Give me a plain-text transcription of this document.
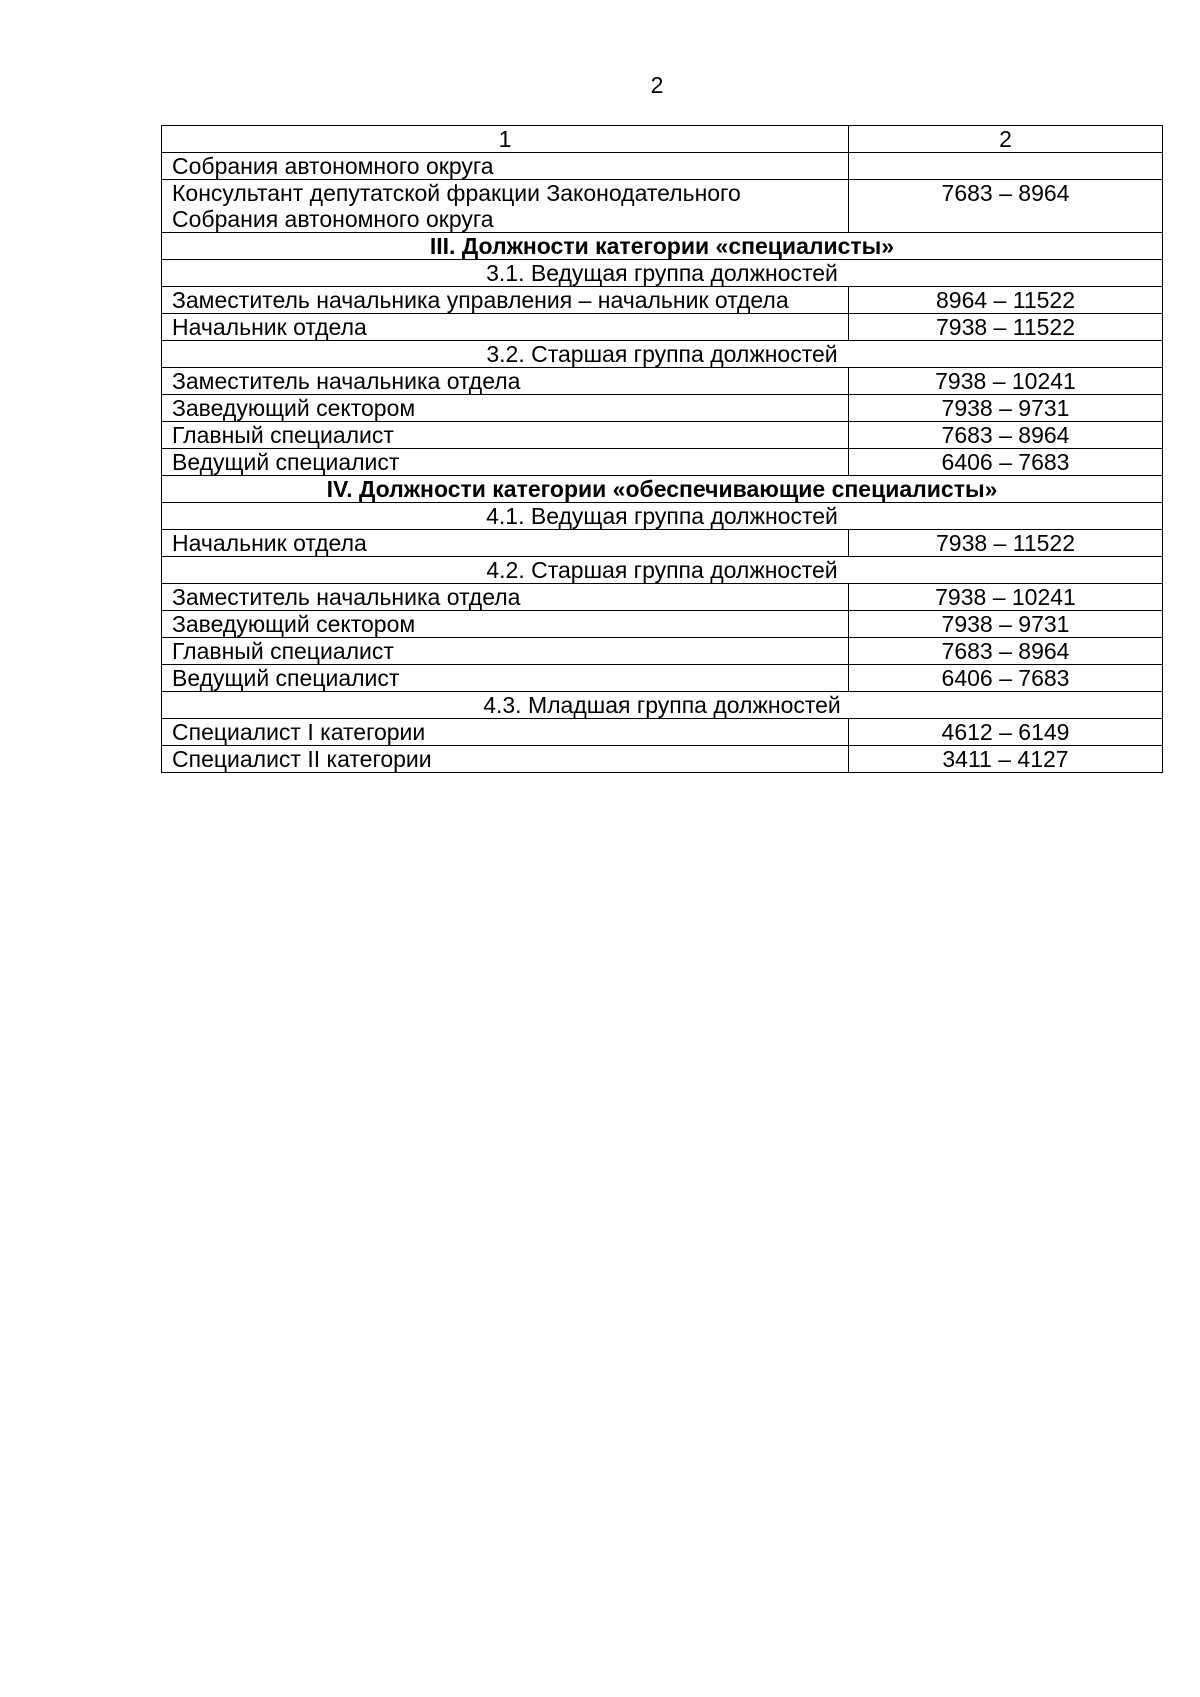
2
1	2
Собрания автономного округа	
Консультант депутатской фракции Законодательного Собрания автономного округа	7683 – 8964
III. Должности категории «специалисты»	
3.1. Ведущая группа должностей	
Заместитель начальника управления – начальник отдела	8964 – 11522
Начальник отдела	7938 – 11522
3.2. Старшая группа должностей	
Заместитель начальника отдела	7938 – 10241
Заведующий сектором	7938 – 9731
Главный специалист	7683 – 8964
Ведущий специалист	6406 – 7683
IV. Должности категории «обеспечивающие специалисты»	
4.1. Ведущая группа должностей	
Начальник отдела	7938 – 11522
4.2. Старшая группа должностей	
Заместитель начальника отдела	7938 – 10241
Заведующий сектором	7938 – 9731
Главный специалист	7683 – 8964
Ведущий специалист	6406 – 7683
4.3. Младшая группа должностей	
Специалист I категории	4612 – 6149
Специалист II категории	3411 – 4127
